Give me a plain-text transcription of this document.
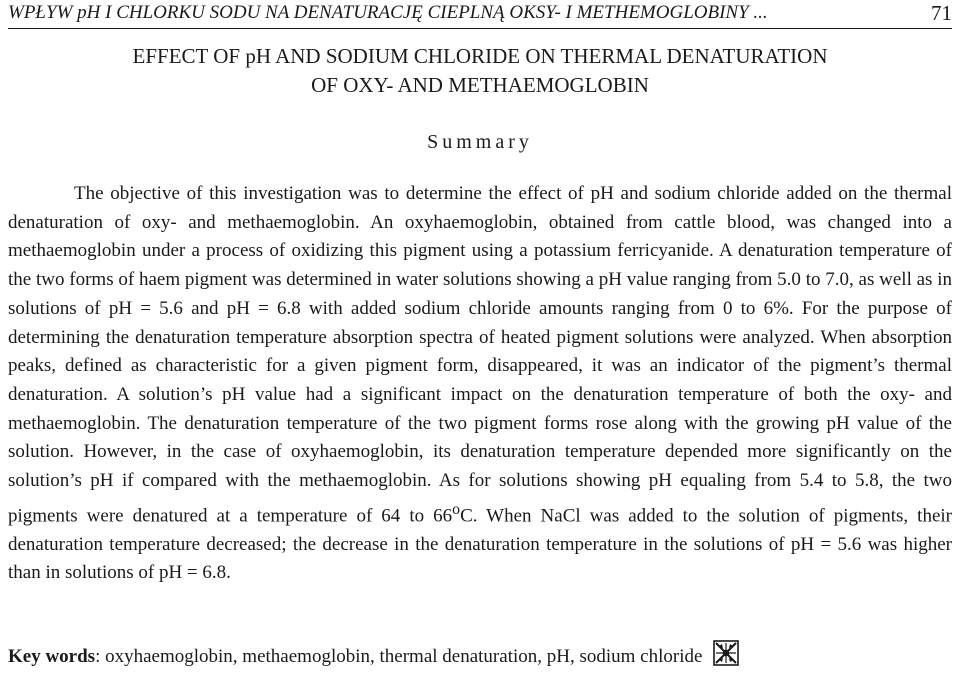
WPŁYW pH I CHLORKU SODU NA DENATURACJĘ CIEPLNĄ OKSY- I METHEMOGLOBINY ...	71
EFFECT OF pH AND SODIUM CHLORIDE ON THERMAL DENATURATION
OF OXY- AND METHAEMOGLOBIN
Summary
The objective of this investigation was to determine the effect of pH and sodium chloride added on the thermal denaturation of oxy- and methaemoglobin. An oxyhaemoglobin, obtained from cattle blood, was changed into a methaemoglobin under a process of oxidizing this pigment using a potassium ferricyanide. A denaturation temperature of the two forms of haem pigment was determined in water solutions showing a pH value ranging from 5.0 to 7.0, as well as in solutions of pH = 5.6 and pH = 6.8 with added sodium chloride amounts ranging from 0 to 6%. For the purpose of determining the denaturation temperature absorption spectra of heated pigment solutions were analyzed. When absorption peaks, defined as characteristic for a given pigment form, disappeared, it was an indicator of the pigment’s thermal denaturation. A solution’s pH value had a significant impact on the denaturation temperature of both the oxy- and methaemoglobin. The denaturation temperature of the two pigment forms rose along with the growing pH value of the solution. However, in the case of oxyhaemoglobin, its denaturation temperature depended more significantly on the solution’s pH if compared with the methaemoglobin. As for solutions showing pH equaling from 5.4 to 5.8, the two pigments were denatured at a temperature of 64 to 66$^o$C. When NaCl was added to the solution of pigments, their denaturation temperature decreased; the decrease in the denaturation temperature in the solutions of pH = 5.6 was higher than in solutions of pH = 6.8.
Key words: oxyhaemoglobin, methaemoglobin, thermal denaturation, pH, sodium chloride
